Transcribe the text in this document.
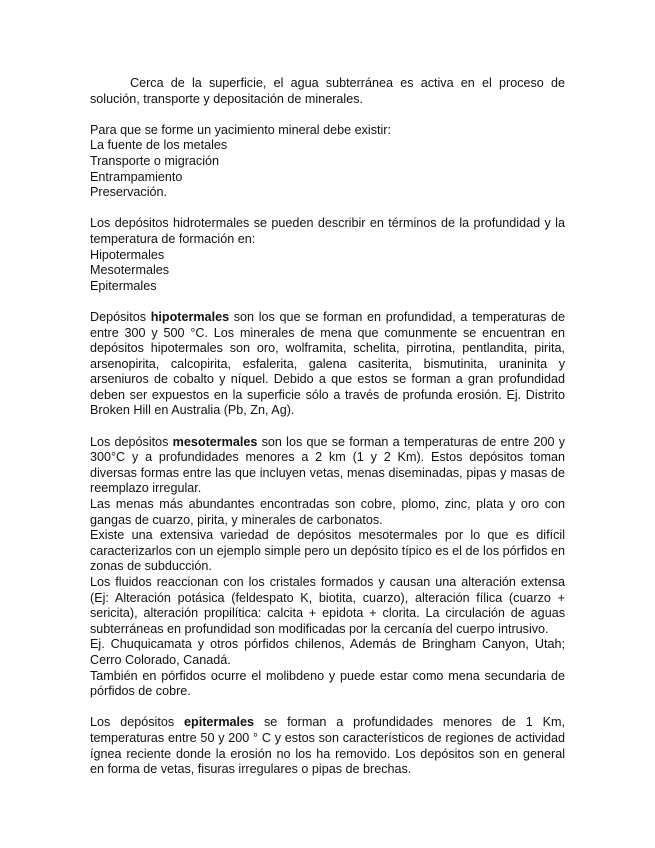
Cerca de la superficie, el agua subterránea es activa en el proceso de solución, transporte y depositación de minerales.

Para que se forme un yacimiento mineral debe existir:

La fuente de los metales

Transporte o migración

Entrampamiento

Preservación.

Los depósitos hidrotermales se pueden describir en términos de la profundidad y la temperatura de formación en:

Hipotermales

Mesotermales

Epitermales

Depósitos hipotermales son los que se forman en profundidad, a temperaturas de entre 300 y 500 °C. Los minerales de mena que comunmente se encuentran en depósitos hipotermales son oro, wolframita, schelita, pirrotina, pentlandita, pirita, arsenopirita, calcopirita, esfalerita, galena casiterita, bismutinita, uraninita y arseniuros de cobalto y níquel. Debido a que estos se forman a gran profundidad deben ser expuestos en la superficie sólo a través de profunda erosión. Ej. Distrito Broken Hill en Australia (Pb, Zn, Ag).

Los depósitos mesotermales son los que se forman a temperaturas de entre 200 y 300°C y a profundidades menores a 2 km (1 y 2 Km). Estos depósitos toman diversas formas entre las que incluyen vetas, menas diseminadas, pipas y masas de reemplazo irregular.

Las menas más abundantes encontradas son cobre, plomo, zinc, plata y oro con gangas de cuarzo, pirita, y minerales de carbonatos.

Existe una extensiva variedad de depósitos mesotermales por lo que es difícil caracterizarlos con un ejemplo simple pero un depósito típico es el de los pórfidos en zonas de subducción.

Los fluidos reaccionan con los cristales formados y causan una alteración extensa (Ej: Alteración potásica (feldespato K, biotita, cuarzo), alteración fílica (cuarzo + sericita), alteración propilítica: calcita + epidota + clorita. La circulación de aguas subterráneas en profundidad son modificadas por la cercanía del cuerpo intrusivo.

Ej. Chuquicamata y otros pórfidos chilenos, Además de Bringham Canyon, Utah; Cerro Colorado, Canadá.

También en pórfidos ocurre el molibdeno y puede estar como mena secundaria de pórfidos de cobre.

Los depósitos epitermales se forman a profundidades menores de 1 Km, temperaturas entre 50 y 200 ° C y estos son característicos de regiones de actividad ígnea reciente donde la erosión no los ha removido. Los depósitos son en general en forma de vetas, fisuras irregulares o pipas de brechas.
